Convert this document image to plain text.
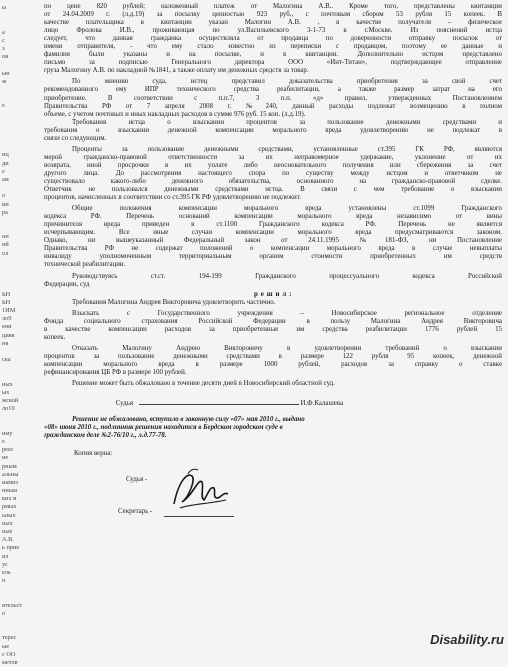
ы
а
с
э
ои
ын
ж
е
иц
ди
е
ам
о
ии
ра
нн
ий
ол
ЬН
ЬН
1ИМ
ло9
ени
цияя
ня
ска
ных
ых
жской
ло10
иму
е
реес
ие
рным
альны
иамиз
нным
ких и
рмых
ьных
ных
ные
А.В.
ь прие
ил
ус
ель
н
ятельст
о
терес
ые
с ОО
метов
по цене 820 рублей; наложенный платеж от Малогина А.В.. Кроме того, представлены квитанции
от 24.04.2009 г. (л.д.19) за посылку ценностью 923 руб., с почтовым сбором 53 рубля 15 копеек. В
качестве плательщика в квитанции указан Малогин А.В. , в качестве получателя – физическое
лицо Фролова И.В., проживающая по ул.Васильевского 3-1-73 в г.Москве. Из пояснений истца
следует, что данная гражданка осуществляла от продавца по доверенности отправку посылок от
имени отправителя, - что ему стало известно из переписки с продавцом, поэтому ее данные и
фамилия были указаны и на посылке, и в квитанции. Дополнительно истцом представлено
письмо за подписью Генерального директора ООО «Инт-Титан», подтверждающее отправление
груза Малогину А.В. по накладной №1841, а также оплату им денежных средств за товар.
По мнению суда, истец представил доказательства приобретения за свой счет
рекомендованного ему ИПР технического средства реабилитации, а также размер затрат на его
приобретение. В соответствии с п.п.7, 3 п.п. «д» правил, утвержденных Постановлением
Правительства РФ от 7 апреля 2008 г. №240, данный расходы подлежат возмещению в полном
объеме, с учетом почтовых и иных накладных расходов в сумме 976 руб. 15 коп. (л.д.19).
Требования истца о взыскании процентов за пользование денежными средствами и
требования о взыскании денежной компенсации морального вреда удовлетворению не подлежат в
связи со следующим.
Проценты за пользование денежными средствами, установленные ст.395 ГК РФ, являются
мерой гражданско-правовой ответственности за их неправомерное удержание, уклонение от их
возврата, иной просрочки в их уплате либо неосновательного получения или сбережения за счет
другого лица. До рассмотрения настоящего спора по существу между истцом и ответчиком не
существовало какого-либо денежного обязательства, основанного на гражданско-правовой сделке.
Ответчик не пользовался денежными средствами истца. В связи с чем требование о взыскании
процентов, начисленных в соответствии со ст.395 ГК РФ удовлетворению не подлежит.
Общие положения компенсации морального вреда установлены ст.1099 Гражданского
кодекса РФ. Перечень оснований компенсации морального вреда независимо от вины
причинителя вреда приведен в ст.1100 Гражданского кодекса РФ. Перечень не является
исчерпывающим. Все иные случаи компенсации морального вреда предусматриваются законом.
Однако, ни вышеуказанный Федеральный закон от 24.11.1995 №181-ФЗ, ни Постановление
Правительства РФ не содержат положений о компенсации морального вреда в случае невыплаты
инвалиду уполномоченным территориальным органом стоимости приобретенных им средств
технической реабилитации.
Руководствуясь ст.ст. 194-199 Гражданского процессуального кодекса Российской
Федерации, суд
р е ш и л :
Требования Малогина Андрея Викторовича удовлетворить частично.
Взыскать с Государственного учреждения – Новосибирское региональное отделение
Фонда социального страхования Российской Федерации в пользу Малогина Андрея Викторовича
в качестве компенсации расходов за приобретенные им средства реабилитации 1776 рублей 15
копеек.
Отказать Малогину Андрею Викторовичу в удовлетворении требований о взыскании
процентов за пользование денежными средствами в размере 122 рубля 95 копеек, денежной
компенсации морального вреда в размере 1000 рублей, расходов за справку о ставке
рефинансирования ЦБ РФ в размере 100 рублей.
Решение может быть обжаловано в течение десяти дней в Новосибирский областной суд.
Судья	И.Ф.Калашева
Решение не обжаловано, вступило в законную силу «07» мая 2010 г., выдано
«08» июня 2010 г., подлинник решения находится в Бердском городском суде в
гражданском деле №2-76/10 г., л.д.77-78.
Копия верна:
Судья -
Секретарь -
Disability.ru
